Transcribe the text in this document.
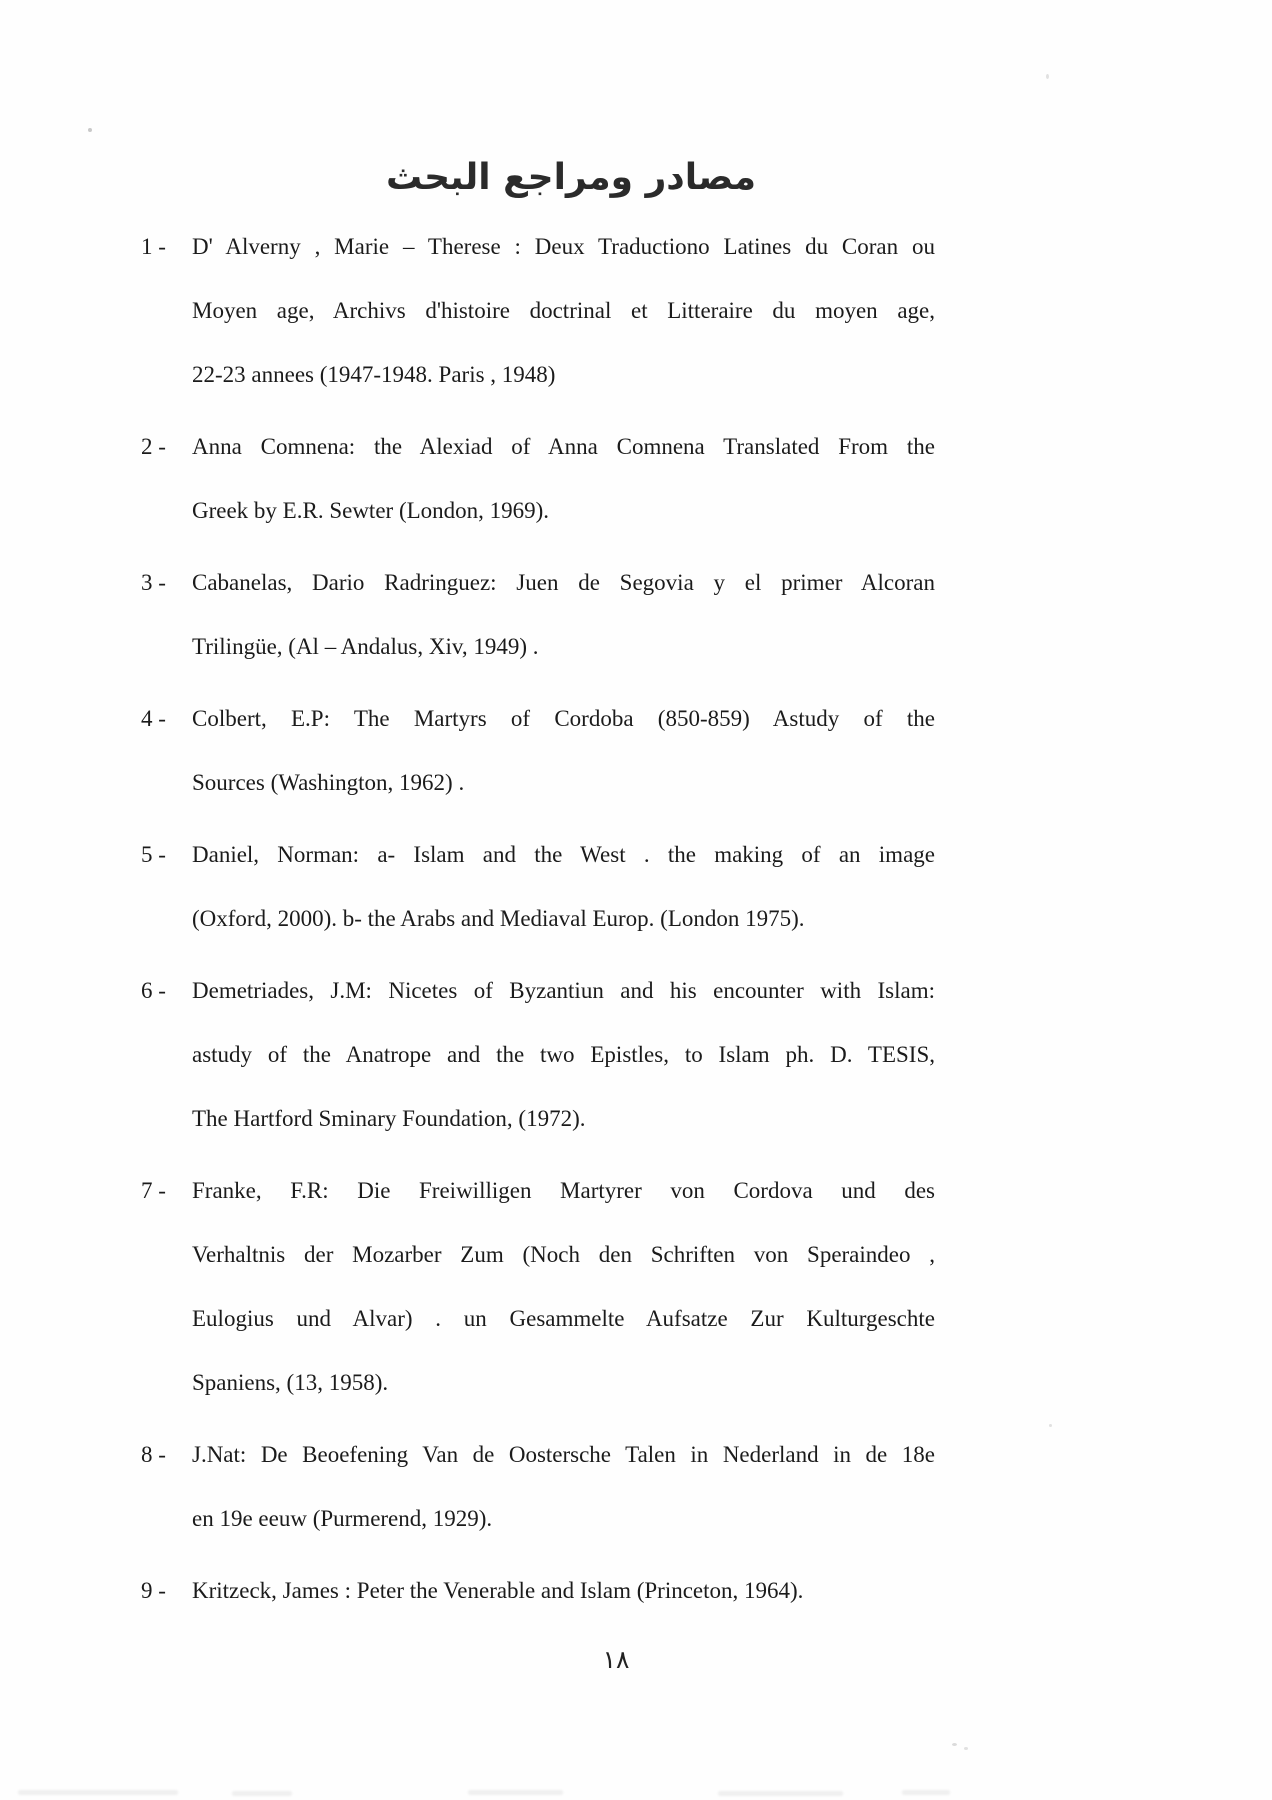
مصادر ومراجع البحث
1 -	D' Alverny , Marie – Therese : Deux Traductiono Latines du Coran ou
Moyen age, Archivs d'histoire doctrinal et Litteraire du moyen age,
22-23 annees (1947-1948. Paris , 1948)
2 -	Anna Comnena: the Alexiad of Anna Comnena Translated From the
Greek by E.R. Sewter (London, 1969).
3 -	Cabanelas, Dario Radringuez: Juen de Segovia y el primer Alcoran
Trilingüe, (Al – Andalus, Xiv, 1949) .
4 -	Colbert, E.P: The Martyrs of Cordoba (850-859) Astudy of the
Sources (Washington, 1962) .
5 -	Daniel, Norman: a- Islam and the West . the making of an image
(Oxford, 2000). b- the Arabs and Mediaval Europ. (London 1975).
6 -	Demetriades, J.M: Nicetes of Byzantiun and his encounter with Islam:
astudy of the Anatrope and the two Epistles, to Islam ph. D. TESIS,
The Hartford Sminary Foundation, (1972).
7 -	Franke, F.R: Die Freiwilligen Martyrer von Cordova und des
Verhaltnis der Mozarber Zum (Noch den Schriften von Speraindeo ,
Eulogius und Alvar) . un Gesammelte Aufsatze Zur Kulturgeschte
Spaniens, (13, 1958).
8 -	J.Nat: De Beoefening Van de Oostersche Talen in Nederland in de 18e
en 19e eeuw (Purmerend, 1929).
9 -	Kritzeck, James : Peter the Venerable and Islam (Princeton, 1964).
١٨
